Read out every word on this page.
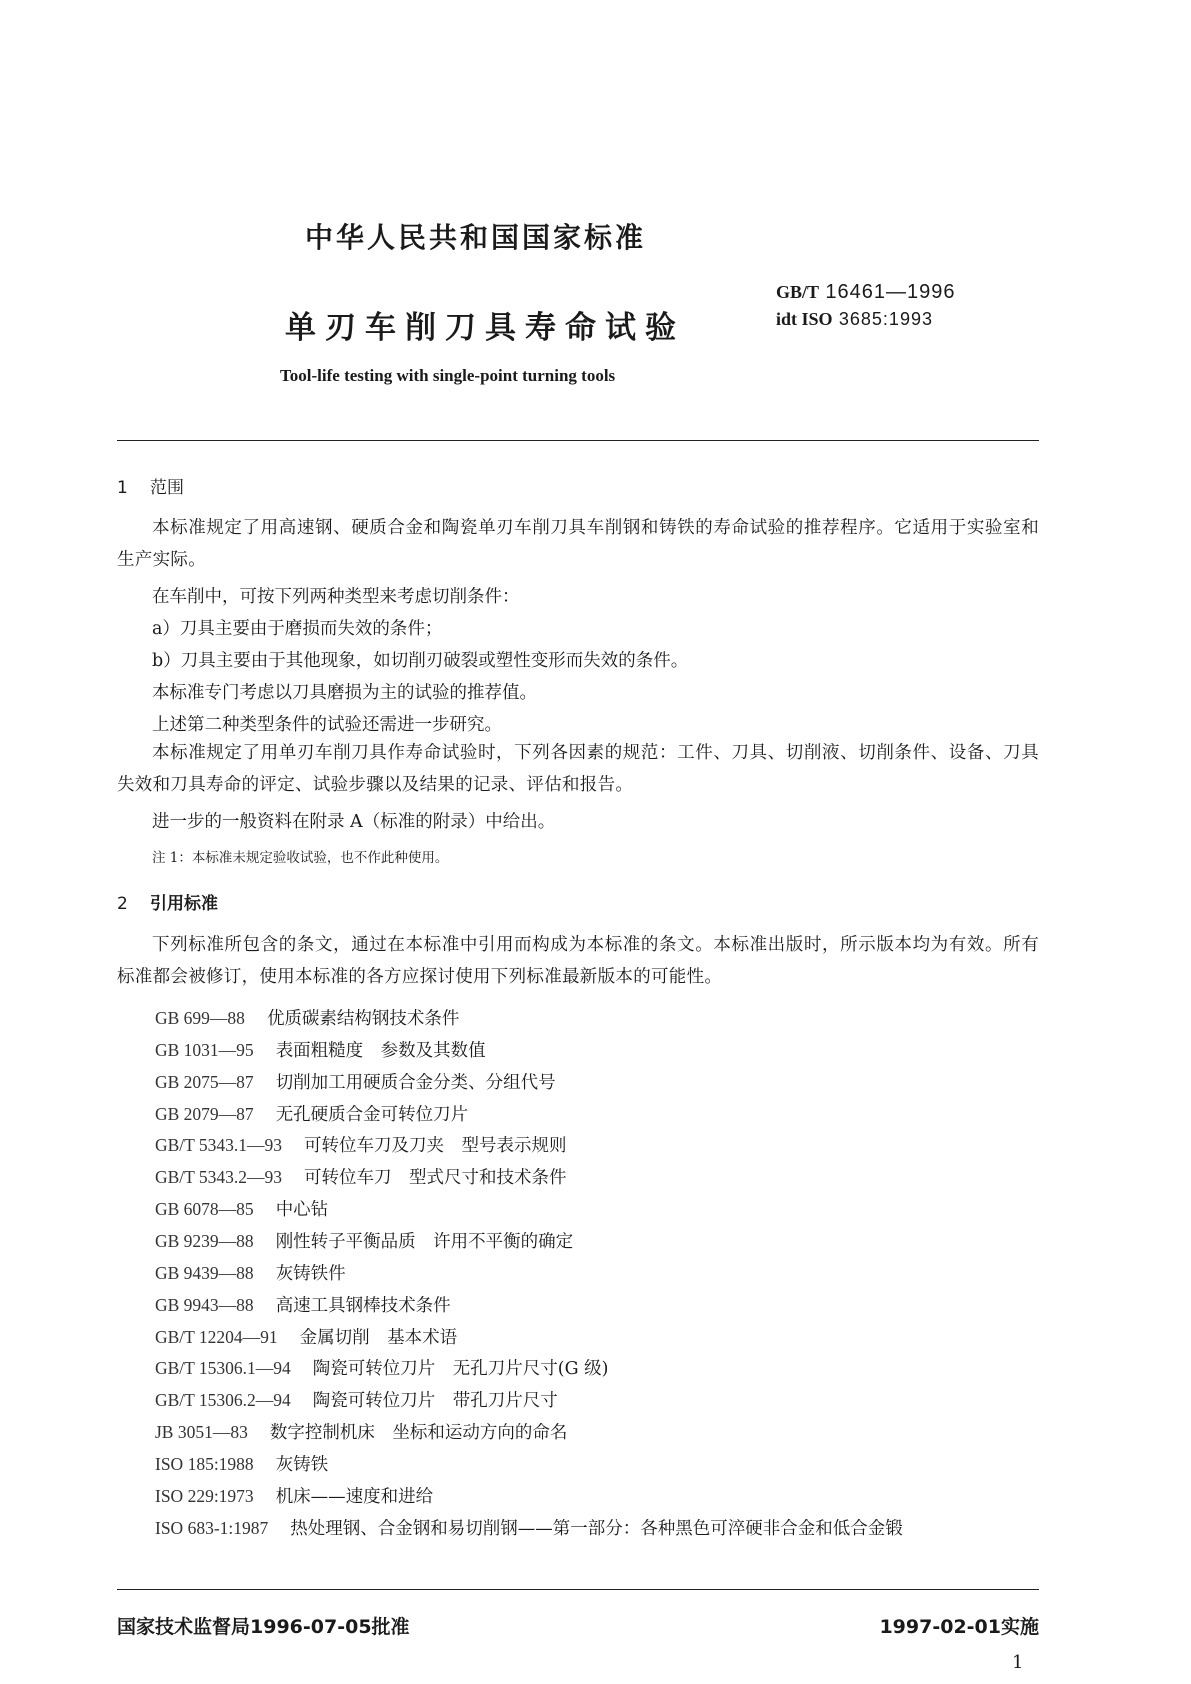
中华人民共和国国家标准
单刃车削刀具寿命试验
GB/T 16461—1996
idt ISO 3685:1993
Tool-life testing with single-point turning tools
1 范围
本标准规定了用高速钢、硬质合金和陶瓷单刃车削刀具车削钢和铸铁的寿命试验的推荐程序。它适用于实验室和生产实际。
在车削中，可按下列两种类型来考虑切削条件：
a）刀具主要由于磨损而失效的条件；
b）刀具主要由于其他现象，如切削刃破裂或塑性变形而失效的条件。
本标准专门考虑以刀具磨损为主的试验的推荐值。
上述第二种类型条件的试验还需进一步研究。
本标准规定了用单刃车削刀具作寿命试验时，下列各因素的规范：工件、刀具、切削液、切削条件、设备、刀具失效和刀具寿命的评定、试验步骤以及结果的记录、评估和报告。
进一步的一般资料在附录 A（标准的附录）中给出。
注 1：本标准未规定验收试验，也不作此种使用。
2 引用标准
下列标准所包含的条文，通过在本标准中引用而构成为本标准的条文。本标准出版时，所示版本均为有效。所有标准都会被修订，使用本标准的各方应探讨使用下列标准最新版本的可能性。
GB 699—88 优质碳素结构钢技术条件
GB 1031—95 表面粗糙度　参数及其数值
GB 2075—87 切削加工用硬质合金分类、分组代号
GB 2079—87 无孔硬质合金可转位刀片
GB/T 5343.1—93 可转位车刀及刀夹　型号表示规则
GB/T 5343.2—93 可转位车刀　型式尺寸和技术条件
GB 6078—85 中心钻
GB 9239—88 刚性转子平衡品质　许用不平衡的确定
GB 9439—88 灰铸铁件
GB 9943—88 高速工具钢棒技术条件
GB/T 12204—91 金属切削　基本术语
GB/T 15306.1—94 陶瓷可转位刀片　无孔刀片尺寸(G 级)
GB/T 15306.2—94 陶瓷可转位刀片　带孔刀片尺寸
JB 3051—83 数字控制机床　坐标和运动方向的命名
ISO 185:1988 灰铸铁
ISO 229:1973 机床——速度和进给
ISO 683-1:1987 热处理钢、合金钢和易切削钢——第一部分：各种黑色可淬硬非合金和低合金锻
国家技术监督局1996-07-05批准	1997-02-01实施
1
